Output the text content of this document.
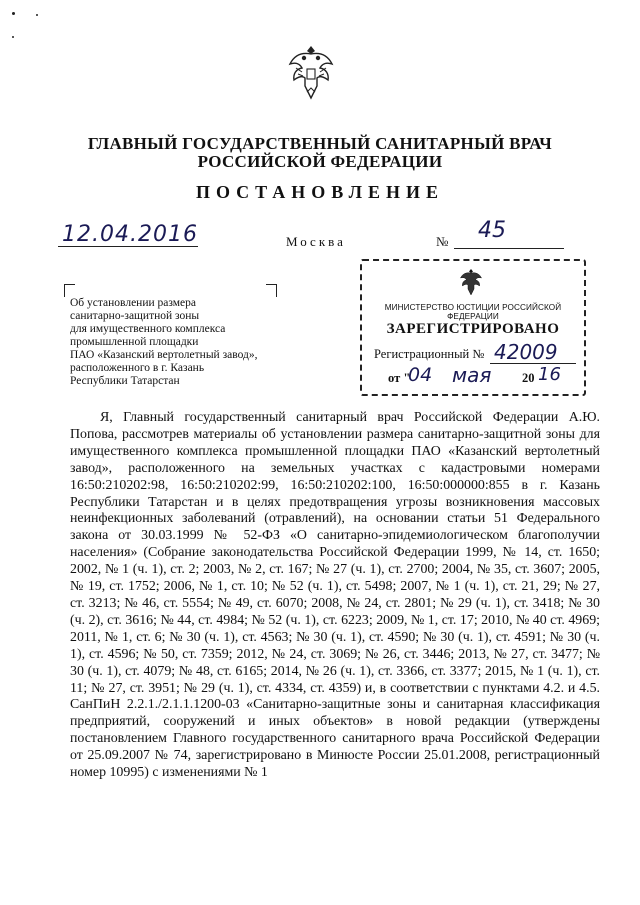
ГЛАВНЫЙ ГОСУДАРСТВЕННЫЙ САНИТАРНЫЙ ВРАЧ
РОССИЙСКОЙ ФЕДЕРАЦИИ
ПОСТАНОВЛЕНИЕ
12.04.2016	Москва	№ 45
Об установлении размера
санитарно-защитной зоны
для имущественного комплекса
промышленной площадки
ПАО «Казанский вертолетный завод»,
расположенного в г. Казань
Республики Татарстан
МИНИСТЕРСТВО ЮСТИЦИИ РОССИЙСКОЙ ФЕДЕРАЦИИ
ЗАРЕГИСТРИРОВАНО
Регистрационный № 42009
от "
04 мая 20 16
Я, Главный государственный санитарный врач Российской Федерации А.Ю. Попова, рассмотрев материалы об установлении размера санитарно-защитной зоны для имущественного комплекса промышленной площадки ПАО «Казанский вертолетный завод», расположенного на земельных участках с кадастровыми номерами 16:50:210202:98, 16:50:210202:99, 16:50:210202:100, 16:50:000000:855 в г. Казань Республики Татарстан и в целях предотвращения угрозы возникновения массовых неинфекционных заболеваний (отравлений), на основании статьи 51 Федерального закона от 30.03.1999 № 52-ФЗ «О санитарно-эпидемиологическом благополучии населения» (Собрание законодательства Российской Федерации 1999, № 14, ст. 1650; 2002, № 1 (ч. 1), ст. 2; 2003, № 2, ст. 167; № 27 (ч. 1), ст. 2700; 2004, № 35, ст. 3607; 2005, № 19, ст. 1752; 2006, № 1, ст. 10; № 52 (ч. 1), ст. 5498; 2007, № 1 (ч. 1), ст. 21, 29; № 27, ст. 3213; № 46, ст. 5554; № 49, ст. 6070; 2008, № 24, ст. 2801; № 29 (ч. 1), ст. 3418; № 30 (ч. 2), ст. 3616; № 44, ст. 4984; № 52 (ч. 1), ст. 6223; 2009, № 1, ст. 17; 2010, № 40 ст. 4969; 2011, № 1, ст. 6; № 30 (ч. 1), ст. 4563; № 30 (ч. 1), ст. 4590; № 30 (ч. 1), ст. 4591; № 30 (ч. 1), ст. 4596; № 50, ст. 7359; 2012, № 24, ст. 3069; № 26, ст. 3446; 2013, № 27, ст. 3477; № 30 (ч. 1), ст. 4079; № 48, ст. 6165; 2014, № 26 (ч. 1), ст. 3366, ст. 3377; 2015, № 1 (ч. 1), ст. 11; № 27, ст. 3951; № 29 (ч. 1), ст. 4334, ст. 4359) и, в соответствии с пунктами 4.2. и 4.5. СанПиН 2.2.1./2.1.1.1200-03 «Санитарно-защитные зоны и санитарная классификация предприятий, сооружений и иных объектов» в новой редакции (утверждены постановлением Главного государственного санитарного врача Российской Федерации от 25.09.2007 № 74, зарегистрировано в Минюсте России 25.01.2008, регистрационный номер 10995) с изменениями № 1
